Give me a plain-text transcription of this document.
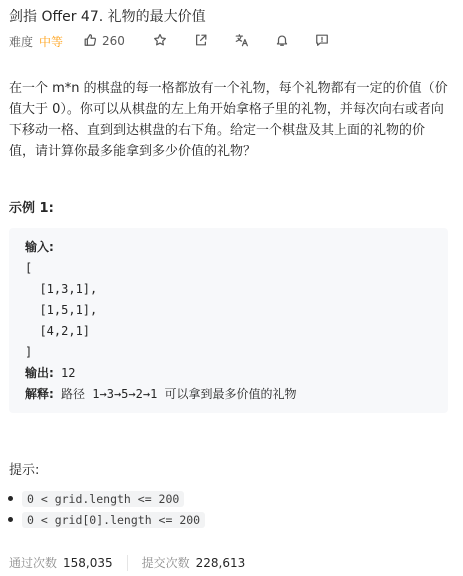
剑指 Offer 47. 礼物的最大价值
难度 中等	260

在一个 m*n 的棋盘的每一格都放有一个礼物，每个礼物都有一定的价值（价值大于 0）。你可以从棋盘的左上角开始拿格子里的礼物，并每次向右或者向下移动一格、直到到达棋盘的右下角。给定一个棋盘及其上面的礼物的价值，请计算你最多能拿到多少价值的礼物？

示例 1:
输入:
[
[1,3,1],
[1,5,1],
[4,2,1]
]
输出: 12
解释: 路径 1→3→5→2→1 可以拿到最多价值的礼物
提示:
0 < grid.length <= 200
0 < grid[0].length <= 200
通过次数 158,035 提交次数 228,613
